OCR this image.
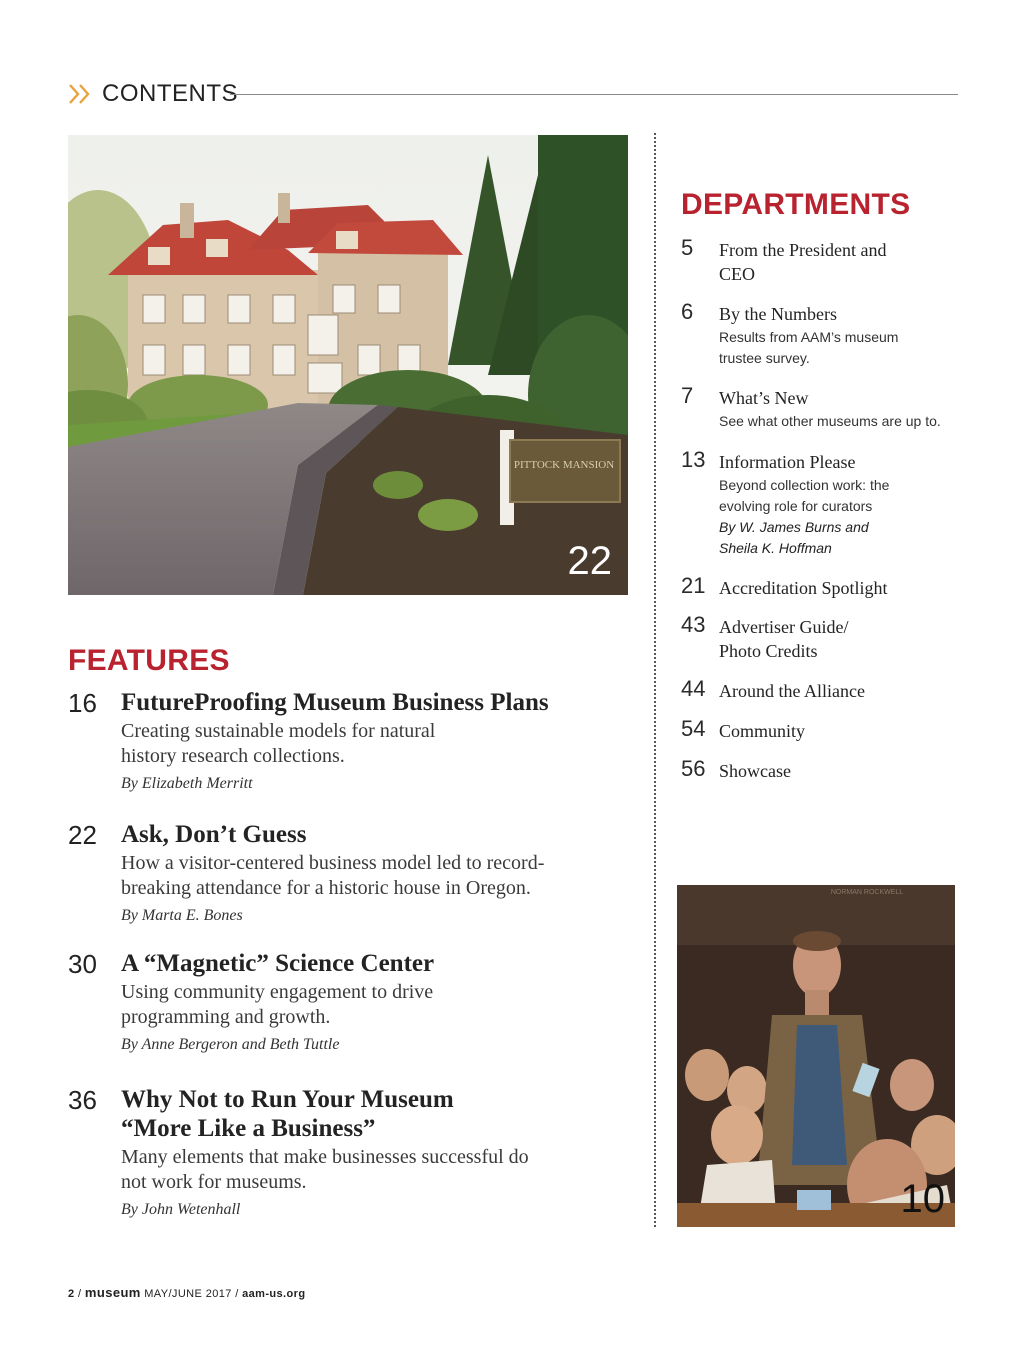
CONTENTS
PITTOCK MANSION
22
FEATURES
16 FutureProofing Museum Business Plans
Creating sustainable models for natural history research collections.
By Elizabeth Merritt
22 Ask, Don’t Guess
How a visitor-centered business model led to record-breaking attendance for a historic house in Oregon.
By Marta E. Bones
30 A “Magnetic” Science Center
Using community engagement to drive programming and growth.
By Anne Bergeron and Beth Tuttle
36 Why Not to Run Your Museum
“More Like a Business”
Many elements that make businesses successful do not work for museums.
By John Wetenhall
DEPARTMENTS
5 From the President and CEO
6 By the Numbers
Results from AAM’s museum trustee survey.
7 What’s New
See what other museums are up to.
13 Information Please
Beyond collection work: the evolving role for curators
By W. James Burns and Sheila K. Hoffman
21 Accreditation Spotlight
43 Advertiser Guide/ Photo Credits
44 Around the Alliance
54 Community
56 Showcase
NORMAN ROCKWELL
10
2 / museum MAY/JUNE 2017 / aam-us.org
